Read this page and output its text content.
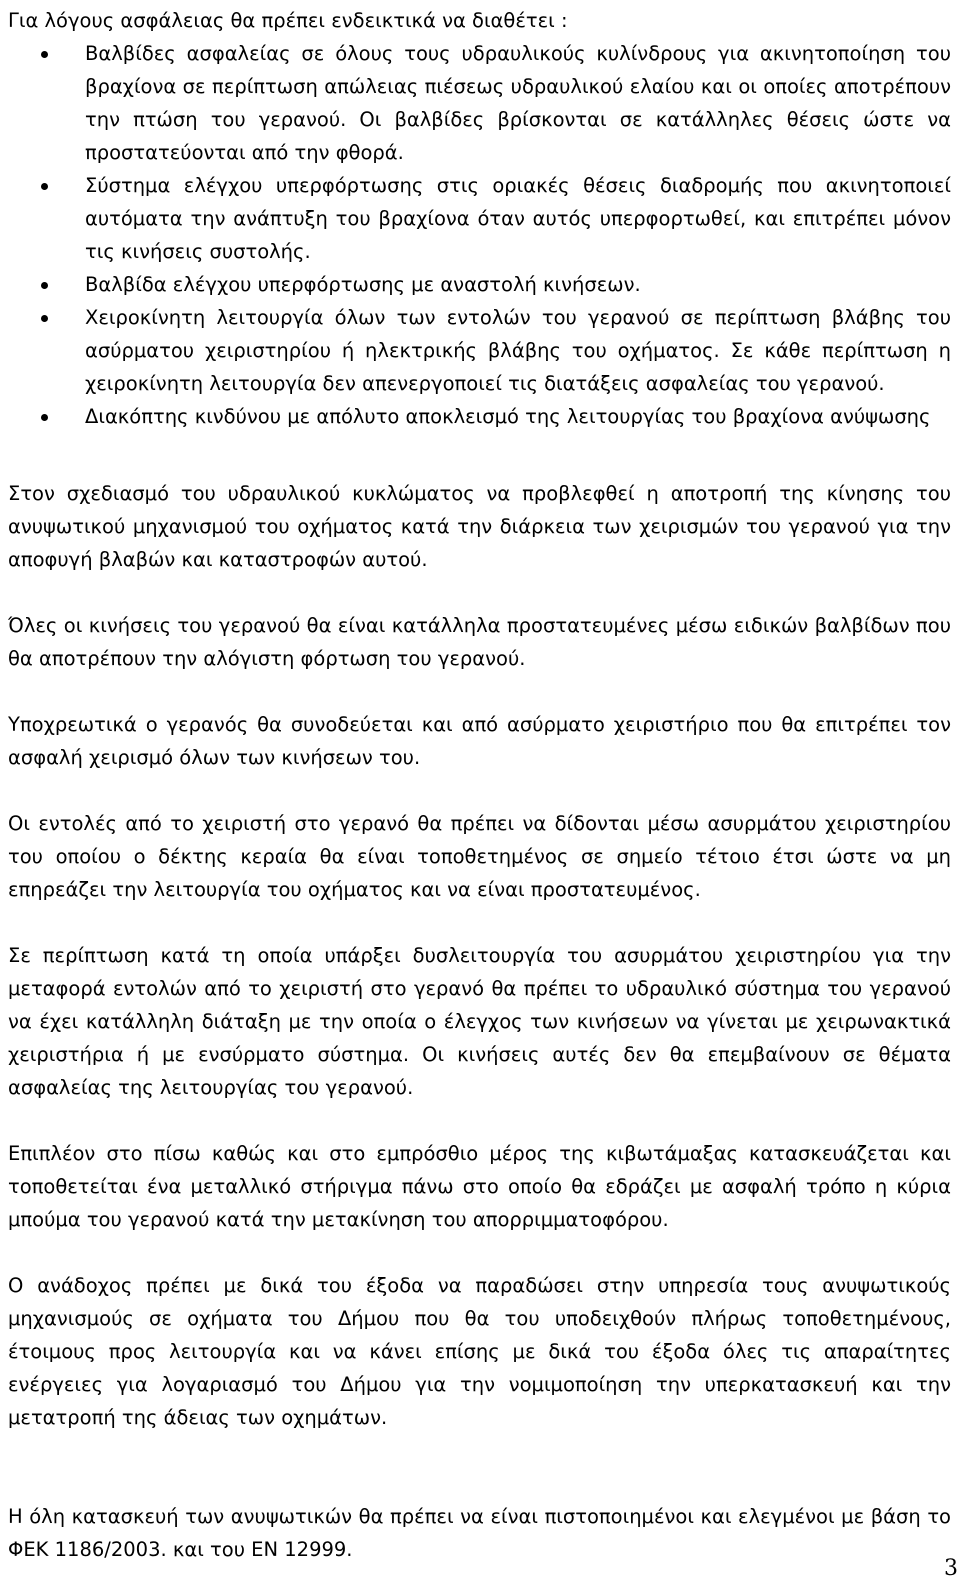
Για λόγους ασφάλειας θα πρέπει ενδεικτικά να διαθέτει :

Βαλβίδες ασφαλείας σε όλους τους υδραυλικούς κυλίνδρους για ακινητοποίηση του βραχίονα σε περίπτωση απώλειας πιέσεως υδραυλικού ελαίου και οι οποίες αποτρέπουν την πτώση του γερανού. Οι βαλβίδες βρίσκονται σε κατάλληλες θέσεις ώστε να προστατεύονται από την φθορά.
Σύστημα ελέγχου υπερφόρτωσης στις οριακές θέσεις διαδρομής που ακινητοποιεί αυτόματα την ανάπτυξη του βραχίονα όταν αυτός υπερφορτωθεί, και επιτρέπει μόνον τις κινήσεις συστολής.
Βαλβίδα ελέγχου υπερφόρτωσης με αναστολή κινήσεων.
Χειροκίνητη λειτουργία όλων των εντολών του γερανού σε περίπτωση βλάβης του ασύρματου χειριστηρίου ή ηλεκτρικής βλάβης του οχήματος. Σε κάθε περίπτωση η χειροκίνητη λειτουργία δεν απενεργοποιεί τις διατάξεις ασφαλείας του γερανού.
Διακόπτης κινδύνου με απόλυτο αποκλεισμό της λειτουργίας του βραχίονα ανύψωσης

Στον σχεδιασμό του υδραυλικού κυκλώματος να προβλεφθεί η αποτροπή της κίνησης του ανυψωτικού μηχανισμού του οχήματος κατά την διάρκεια των χειρισμών του γερανού για την αποφυγή βλαβών και καταστροφών αυτού.

Όλες οι κινήσεις του γερανού θα είναι κατάλληλα προστατευμένες μέσω ειδικών βαλβίδων που θα αποτρέπουν την αλόγιστη φόρτωση του γερανού.

Υποχρεωτικά ο γερανός θα συνοδεύεται και από ασύρματο χειριστήριο που θα επιτρέπει τον ασφαλή χειρισμό όλων των κινήσεων του.

Οι εντολές από το χειριστή στο γερανό θα πρέπει να δίδονται μέσω ασυρμάτου χειριστηρίου του οποίου ο δέκτης κεραία θα είναι τοποθετημένος σε σημείο τέτοιο έτσι ώστε να μη επηρεάζει την λειτουργία του οχήματος και να είναι προστατευμένος.

Σε περίπτωση κατά τη οποία υπάρξει δυσλειτουργία του ασυρμάτου χειριστηρίου για την μεταφορά εντολών από το χειριστή στο γερανό θα πρέπει το υδραυλικό σύστημα του γερανού να έχει κατάλληλη διάταξη με την οποία ο έλεγχος των κινήσεων να γίνεται με χειρωνακτικά χειριστήρια ή με ενσύρματο σύστημα. Οι κινήσεις αυτές δεν θα επεμβαίνουν σε θέματα ασφαλείας της λειτουργίας του γερανού.

Επιπλέον στο πίσω καθώς και στο εμπρόσθιο μέρος της κιβωτάμαξας κατασκευάζεται και τοποθετείται ένα μεταλλικό στήριγμα πάνω στο οποίο θα εδράζει με ασφαλή τρόπο η κύρια μπούμα του γερανού κατά την μετακίνηση του απορριμματοφόρου.

Ο ανάδοχος πρέπει με δικά του έξοδα να παραδώσει στην υπηρεσία τους ανυψωτικούς μηχανισμούς σε οχήματα του Δήμου που θα του υποδειχθούν πλήρως τοποθετημένους, έτοιμους προς λειτουργία και να κάνει επίσης με δικά του έξοδα όλες τις απαραίτητες ενέργειες για λογαριασμό του Δήμου για την νομιμοποίηση την υπερκατασκευή και την μετατροπή της άδειας των οχημάτων.

Η όλη κατασκευή των ανυψωτικών θα πρέπει να είναι πιστοποιημένοι και ελεγμένοι με βάση το ΦΕΚ 1186/2003. και του ΕΝ 12999.

3
